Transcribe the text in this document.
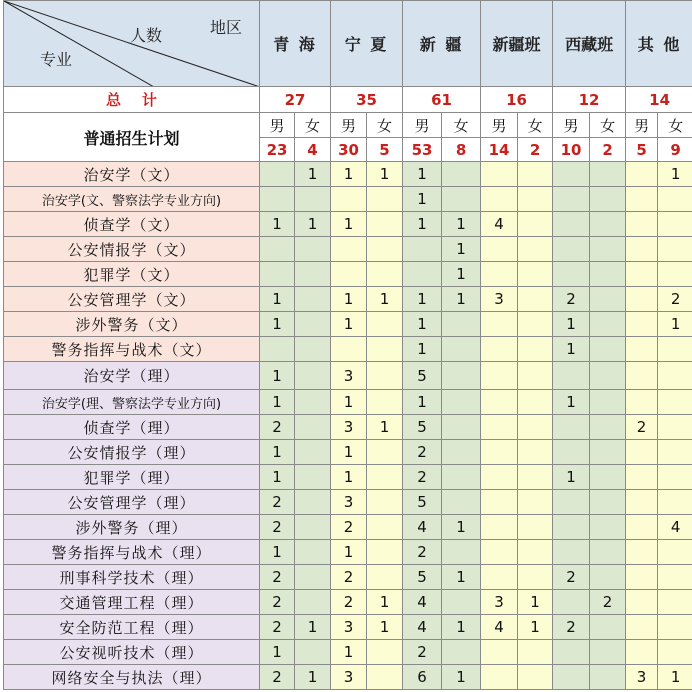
地区
人数
专业	青 海		宁 夏		新 疆		新疆班		西藏班		其 他	
总    计	27		35		61		16		12		14	
普通招生计划	男	女	男	女	男	女	男	女	男	女	男	女
	23	4	30	5	53	8	14	2	10	2	5	9
治安学（文）		1	1	1	1							1
治安学(文、警察法学专业方向)					1							
侦查学（文）	1	1	1		1	1	4					
公安情报学（文）						1						
犯罪学（文）						1						
公安管理学（文）	1		1	1	1	1	3		2			2
涉外警务（文）	1		1		1				1			1
警务指挥与战术（文）					1				1			
治安学（理）	1		3		5							
治安学(理、警察法学专业方向)	1		1		1				1			
侦查学（理）	2		3	1	5						2	
公安情报学（理）	1		1		2							
犯罪学（理）	1		1		2				1			
公安管理学（理）	2		3		5							
涉外警务（理）	2		2		4	1						4
警务指挥与战术（理）	1		1		2							
刑事科学技术（理）	2		2		5	1			2			
交通管理工程（理）	2		2	1	4		3	1		2		
安全防范工程（理）	2	1	3	1	4	1	4	1	2			
公安视听技术（理）	1		1		2							
网络安全与执法（理）	2	1	3		6	1					3	1
